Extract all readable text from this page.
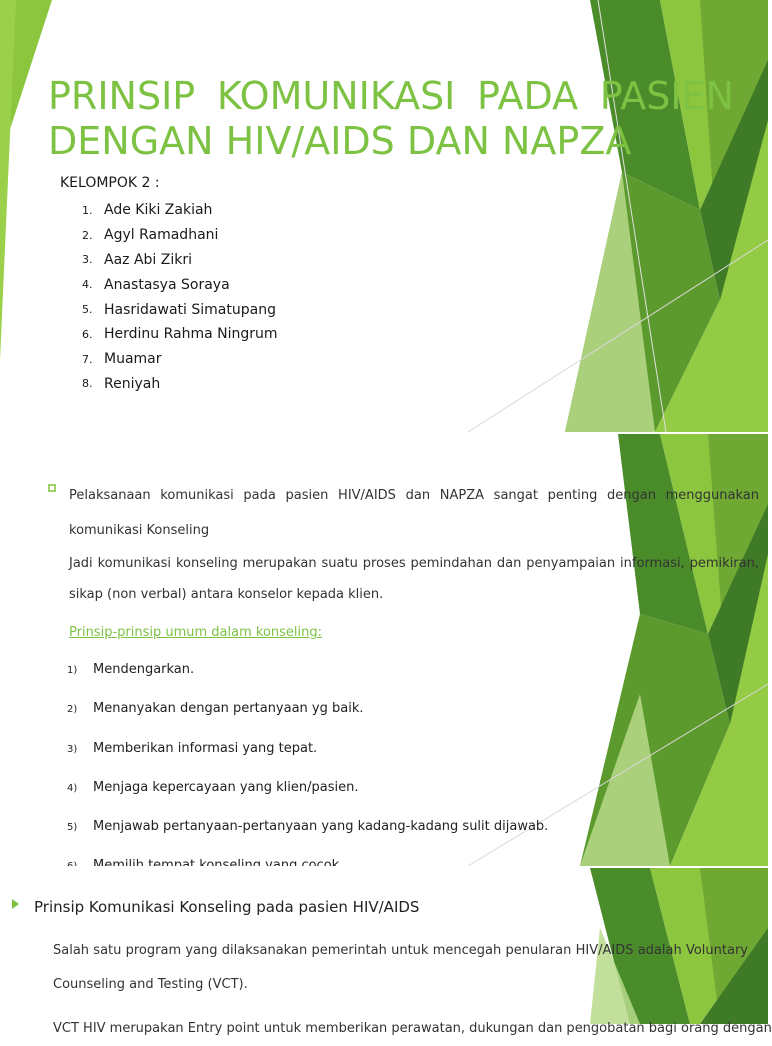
PRINSIP KOMUNIKASI PADA PASIEN

DENGAN HIV/AIDS DAN NAPZA
KELOMPOK 2 :
1. Ade Kiki Zakiah
2. Agyl Ramadhani
3. Aaz Abi Zikri
4. Anastasya Soraya
5. Hasridawati Simatupang
6. Herdinu Rahma Ningrum
7. Muamar
8. Reniyah
Pelaksanaan komunikasi pada pasien HIV/AIDS dan NAPZA sangat penting dengan menggunakan komunikasi Konseling
Jadi komunikasi konseling merupakan suatu proses pemindahan dan penyampaian informasi, pemikiran, sikap (non verbal) antara konselor kepada klien.
Prinsip-prinsip umum dalam konseling:
1)	Mendengarkan.
2)	Menanyakan dengan pertanyaan yg baik.
3)	Memberikan informasi yang tepat.
4)	Menjaga kepercayaan yang klien/pasien.
5)	Menjawab pertanyaan-pertanyaan yang kadang-kadang sulit dijawab.
Prinsip Komunikasi Konseling pada pasien HIV/AIDS
Salah satu program yang dilaksanakan pemerintah untuk mencegah penularan HIV/AIDS adalah Voluntary Counseling and Testing (VCT).
VCT HIV merupakan Entry point untuk memberikan perawatan, dukungan dan pengobatan bagi orang dengan
